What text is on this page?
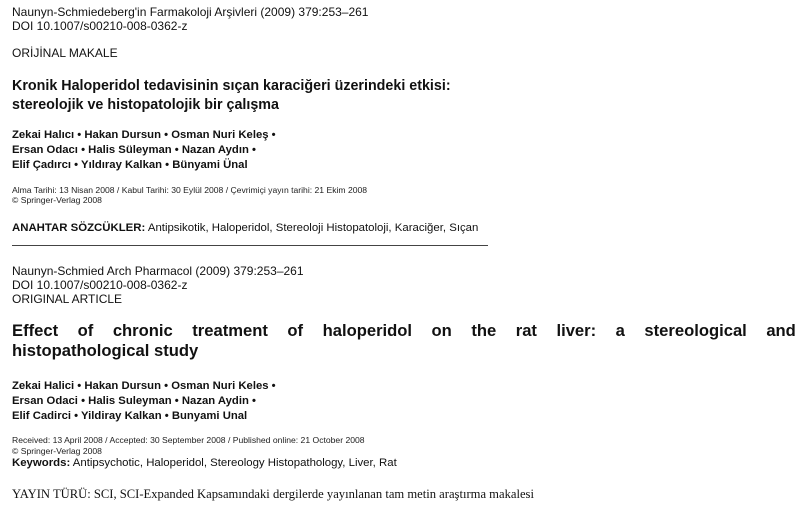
Naunyn-Schmiedeberg'in Farmakoloji Arşivleri (2009) 379:253–261
DOI 10.1007/s00210-008-0362-z
ORİJİNAL MAKALE
Kronik Haloperidol tedavisinin sıçan karaciğeri üzerindeki etkisi:
stereolojik ve histopatolojik bir çalışma
Zekai Halıcı • Hakan Dursun • Osman Nuri Keleş •
Ersan Odacı • Halis Süleyman • Nazan Aydın •
Elif Çadırcı • Yıldıray Kalkan • Bünyami Ünal
Alma Tarihi: 13 Nisan 2008 / Kabul Tarihi: 30 Eylül 2008 / Çevrimiçi yayın tarihi: 21 Ekim 2008
© Springer-Verlag 2008
ANAHTAR SÖZCÜKLER: Antipsikotik, Haloperidol, Stereoloji Histopatoloji, Karaciğer, Sıçan
Naunyn-Schmied Arch Pharmacol (2009) 379:253–261
DOI 10.1007/s00210-008-0362-z
ORIGINAL ARTICLE
Effect of chronic treatment of haloperidol on the rat liver: a stereological and
histopathological study
Zekai Halici • Hakan Dursun • Osman Nuri Keles •
Ersan Odaci • Halis Suleyman • Nazan Aydin •
Elif Cadirci • Yildiray Kalkan • Bunyami Unal
Received: 13 April 2008 / Accepted: 30 September 2008 / Published online: 21 October 2008
© Springer-Verlag 2008
Keywords: Antipsychotic, Haloperidol, Stereology Histopathology, Liver, Rat
YAYIN TÜRÜ: SCI, SCI-Expanded Kapsamındaki dergilerde yayınlanan tam metin araştırma makalesi
